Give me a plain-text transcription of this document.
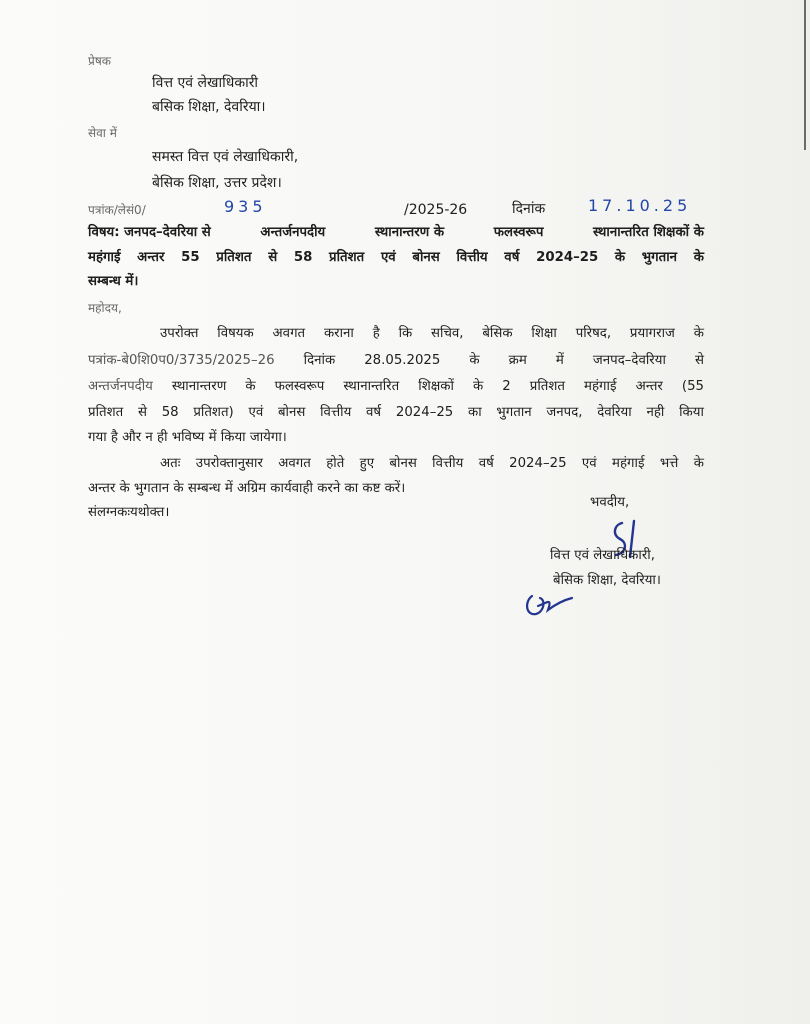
प्रेषक
वित्त एवं लेखाधिकारी
बसिक शिक्षा, देवरिया।
सेवा में
समस्त वित्त एवं लेखाधिकारी,
बेसिक शिक्षा, उत्तर प्रदेश।
पत्रांक/लेसं0/	935	/2025-26	दिनांक	17.10.25
विषय: जनपद–देवरिया से	अन्तर्जनपदीय	स्थानान्तरण के	फलस्वरूप	स्थानान्तरित शिक्षकों के
महंगाई अन्तर 55 प्रतिशत से 58 प्रतिशत एवं बोनस वित्तीय वर्ष 2024–25 के भुगतान के
सम्बन्ध में।
महोदय,
उपरोक्त विषयक अवगत कराना है कि सचिव, बेसिक शिक्षा परिषद, प्रयागराज के
पत्रांक-बे0शि0प0/3735/2025–26 दिनांक 28.05.2025 के क्रम में जनपद–देवरिया से
अन्तर्जनपदीय स्थानान्तरण के फलस्वरूप स्थानान्तरित शिक्षकों के 2 प्रतिशत महंगाई अन्तर (55
प्रतिशत से 58 प्रतिशत) एवं बोनस वित्तीय वर्ष 2024–25 का भुगतान जनपद, देवरिया नही किया
गया है और न ही भविष्य में किया जायेगा।
अतः उपरोक्तानुसार अवगत होते हुए बोनस वित्तीय वर्ष 2024–25 एवं महंगाई भत्ते के
अन्तर के भुगतान के सम्बन्ध में अग्रिम कार्यवाही करने का कष्ट करें।
संलग्नकःयथोक्त।
भवदीय,
वित्त एवं लेखाधिकारी,
बेसिक शिक्षा, देवरिया।
